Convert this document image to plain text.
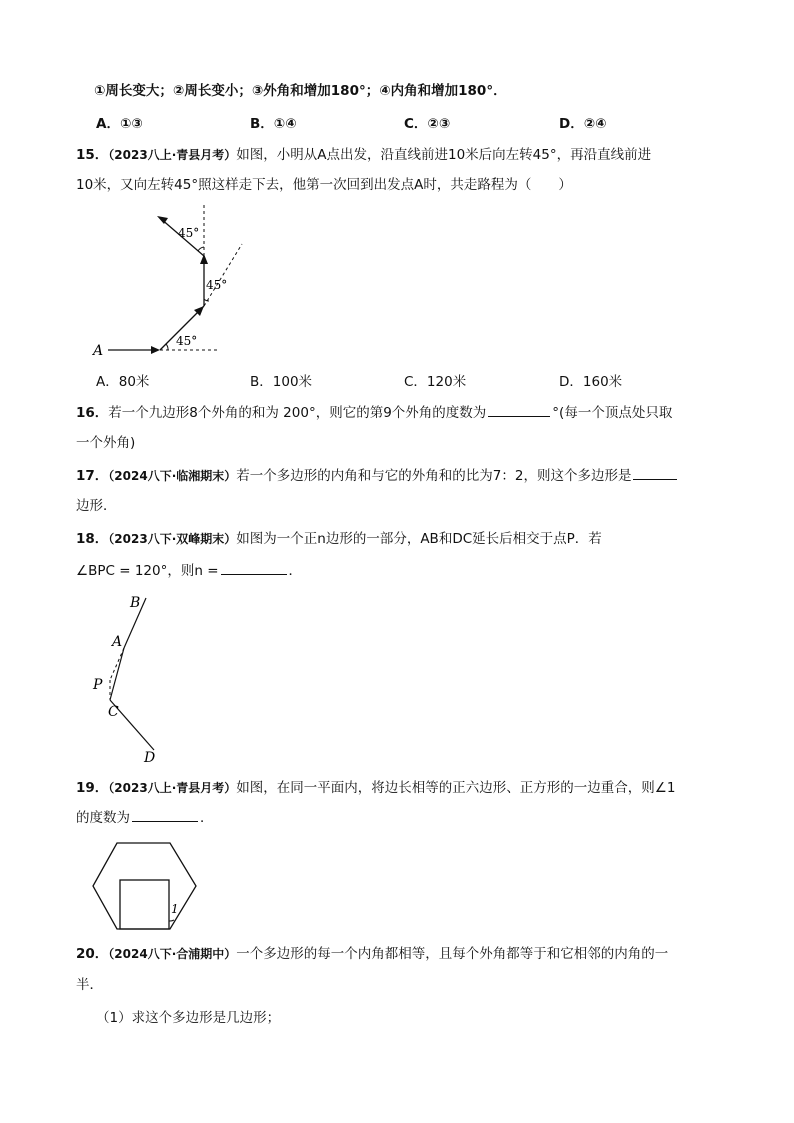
①周长变大；②周长变小；③外角和增加180°；④内角和增加180°．
A．①③	B．①④	C．②③	D．②④
15．（2023八上·青县月考）如图，小明从A点出发，沿直线前进10米后向左转45°，再沿直线前进
10米，又向左转45°照这样走下去，他第一次回到出发点A时，共走路程为（　　）
A
45°
45°
45°
A．80米	B．100米	C．120米	D．160米
16．若一个九边形8个外角的和为 200°，则它的第9个外角的度数为	°(每一个顶点处只取
一个外角)
17．（2024八下·临湘期末）若一个多边形的内角和与它的外角和的比为7：2，则这个多边形是
边形．
18．（2023八下·双峰期末）如图为一个正n边形的一部分，AB和DC延长后相交于点P．若
∠BPC = 120°，则n =	．
B
A
P
C
D
19．（2023八上·青县月考）如图，在同一平面内，将边长相等的正六边形、正方形的一边重合，则∠1
的度数为	．
1
20．（2024八下·合浦期中）一个多边形的每一个内角都相等，且每个外角都等于和它相邻的内角的一
半．
（1）求这个多边形是几边形；
